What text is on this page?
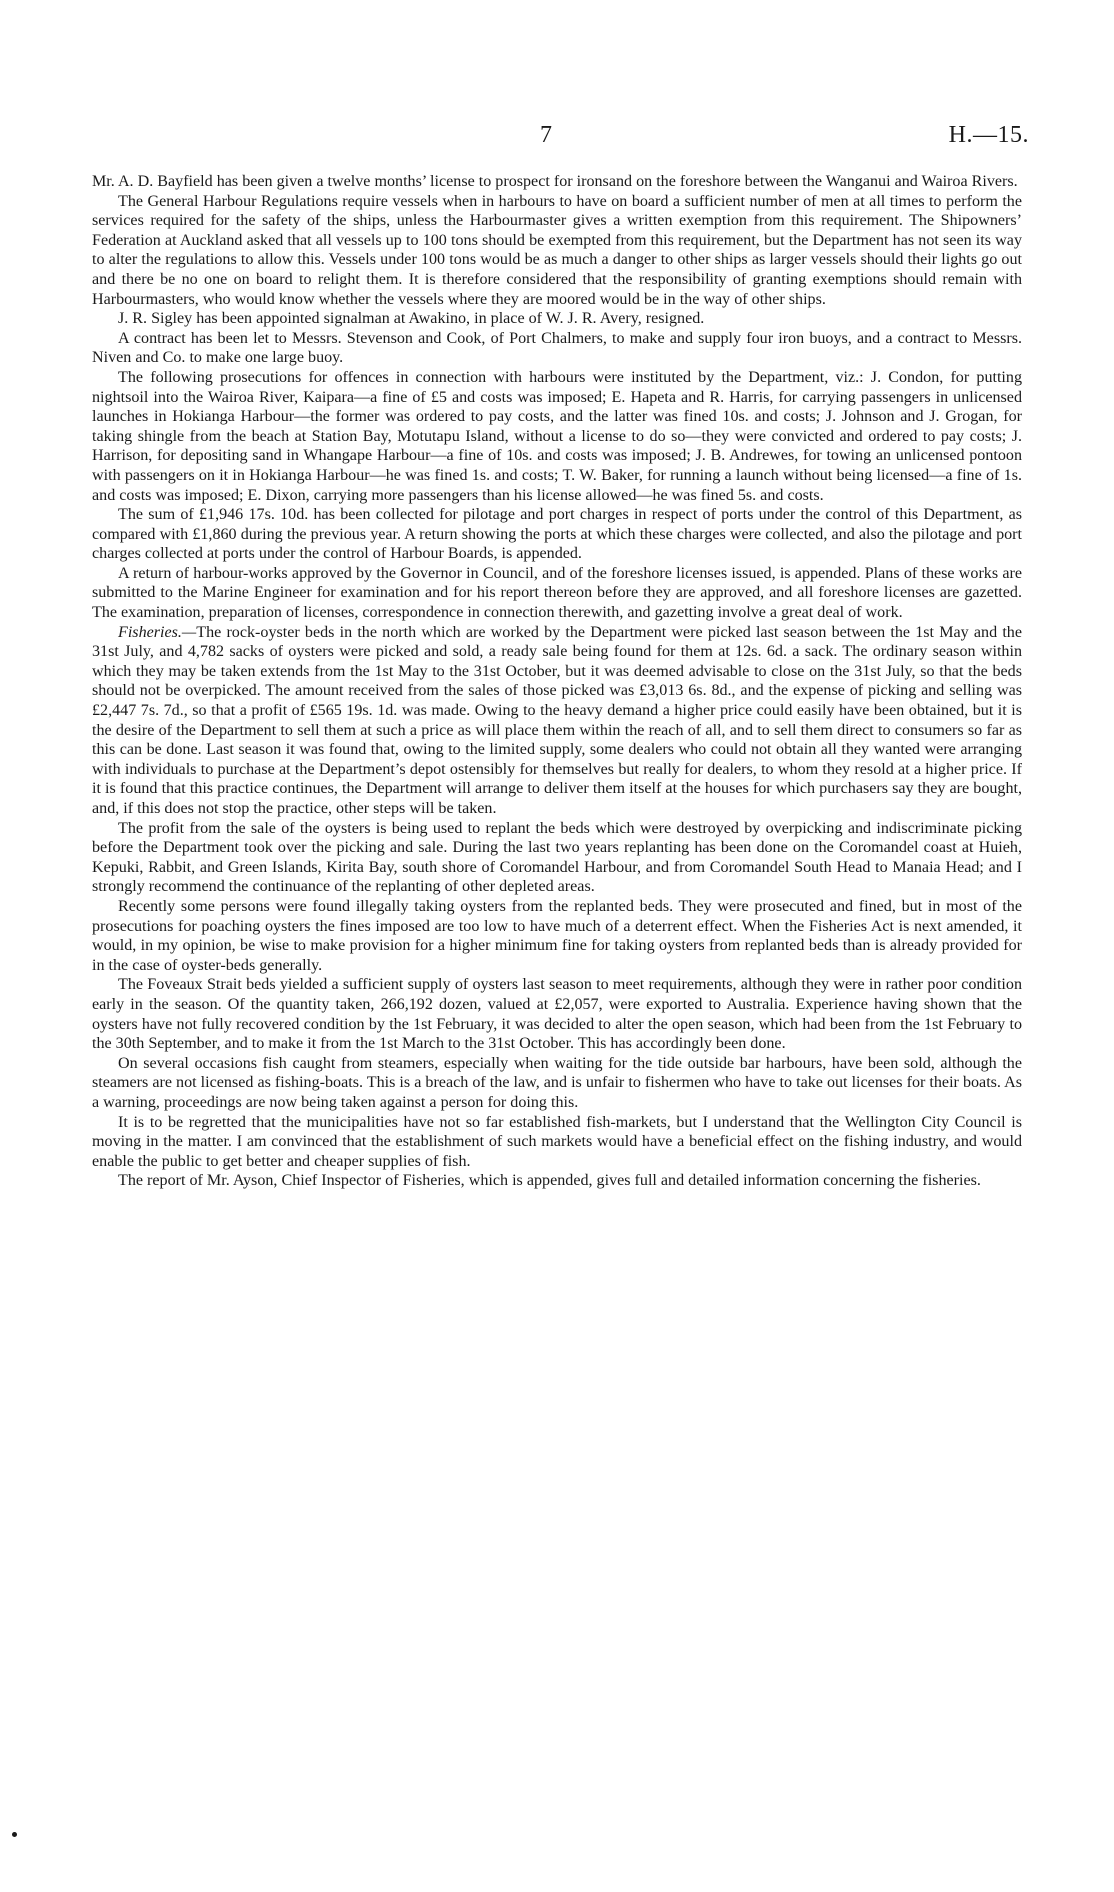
7	H.—15.

Mr. A. D. Bayfield has been given a twelve months’ license to prospect for ironsand on the foreshore between the Wanganui and Wairoa Rivers.

The General Harbour Regulations require vessels when in harbours to have on board a sufficient number of men at all times to perform the services required for the safety of the ships, unless the Harbourmaster gives a written exemption from this requirement. The Shipowners’ Federation at Auckland asked that all vessels up to 100 tons should be exempted from this requirement, but the Department has not seen its way to alter the regulations to allow this. Vessels under 100 tons would be as much a danger to other ships as larger vessels should their lights go out and there be no one on board to relight them. It is therefore considered that the responsibility of granting exemptions should remain with Harbourmasters, who would know whether the vessels where they are moored would be in the way of other ships.

J. R. Sigley has been appointed signalman at Awakino, in place of W. J. R. Avery, resigned.

A contract has been let to Messrs. Stevenson and Cook, of Port Chalmers, to make and supply four iron buoys, and a contract to Messrs. Niven and Co. to make one large buoy.

The following prosecutions for offences in connection with harbours were instituted by the Department, viz.: J. Condon, for putting nightsoil into the Wairoa River, Kaipara—a fine of £5 and costs was imposed; E. Hapeta and R. Harris, for carrying passengers in unlicensed launches in Hokianga Harbour—the former was ordered to pay costs, and the latter was fined 10s. and costs; J. Johnson and J. Grogan, for taking shingle from the beach at Station Bay, Motutapu Island, without a license to do so—they were convicted and ordered to pay costs; J. Harrison, for depositing sand in Whangape Harbour—a fine of 10s. and costs was imposed; J. B. Andrewes, for towing an unlicensed pontoon with passengers on it in Hokianga Harbour—he was fined 1s. and costs; T. W. Baker, for running a launch without being licensed—a fine of 1s. and costs was imposed; E. Dixon, carrying more passengers than his license allowed—he was fined 5s. and costs.

The sum of £1,946 17s. 10d. has been collected for pilotage and port charges in respect of ports under the control of this Department, as compared with £1,860 during the previous year. A return showing the ports at which these charges were collected, and also the pilotage and port charges collected at ports under the control of Harbour Boards, is appended.

A return of harbour-works approved by the Governor in Council, and of the foreshore licenses issued, is appended. Plans of these works are submitted to the Marine Engineer for examination and for his report thereon before they are approved, and all foreshore licenses are gazetted. The examination, preparation of licenses, correspondence in connection therewith, and gazetting involve a great deal of work.

Fisheries.—The rock-oyster beds in the north which are worked by the Department were picked last season between the 1st May and the 31st July, and 4,782 sacks of oysters were picked and sold, a ready sale being found for them at 12s. 6d. a sack. The ordinary season within which they may be taken extends from the 1st May to the 31st October, but it was deemed advisable to close on the 31st July, so that the beds should not be overpicked. The amount received from the sales of those picked was £3,013 6s. 8d., and the expense of picking and selling was £2,447 7s. 7d., so that a profit of £565 19s. 1d. was made. Owing to the heavy demand a higher price could easily have been obtained, but it is the desire of the Department to sell them at such a price as will place them within the reach of all, and to sell them direct to consumers so far as this can be done. Last season it was found that, owing to the limited supply, some dealers who could not obtain all they wanted were arranging with individuals to purchase at the Department’s depot ostensibly for themselves but really for dealers, to whom they resold at a higher price. If it is found that this practice continues, the Department will arrange to deliver them itself at the houses for which purchasers say they are bought, and, if this does not stop the practice, other steps will be taken.

The profit from the sale of the oysters is being used to replant the beds which were destroyed by overpicking and indiscriminate picking before the Department took over the picking and sale. During the last two years replanting has been done on the Coromandel coast at Huieh, Kepuki, Rabbit, and Green Islands, Kirita Bay, south shore of Coromandel Harbour, and from Coromandel South Head to Manaia Head; and I strongly recommend the continuance of the replanting of other depleted areas.

Recently some persons were found illegally taking oysters from the replanted beds. They were prosecuted and fined, but in most of the prosecutions for poaching oysters the fines imposed are too low to have much of a deterrent effect. When the Fisheries Act is next amended, it would, in my opinion, be wise to make provision for a higher minimum fine for taking oysters from replanted beds than is already provided for in the case of oyster-beds generally.

The Foveaux Strait beds yielded a sufficient supply of oysters last season to meet requirements, although they were in rather poor condition early in the season. Of the quantity taken, 266,192 dozen, valued at £2,057, were exported to Australia. Experience having shown that the oysters have not fully recovered condition by the 1st February, it was decided to alter the open season, which had been from the 1st February to the 30th September, and to make it from the 1st March to the 31st October. This has accordingly been done.

On several occasions fish caught from steamers, especially when waiting for the tide outside bar harbours, have been sold, although the steamers are not licensed as fishing-boats. This is a breach of the law, and is unfair to fishermen who have to take out licenses for their boats. As a warning, proceedings are now being taken against a person for doing this.

It is to be regretted that the municipalities have not so far established fish-markets, but I understand that the Wellington City Council is moving in the matter. I am convinced that the establishment of such markets would have a beneficial effect on the fishing industry, and would enable the public to get better and cheaper supplies of fish.

The report of Mr. Ayson, Chief Inspector of Fisheries, which is appended, gives full and detailed information concerning the fisheries.
